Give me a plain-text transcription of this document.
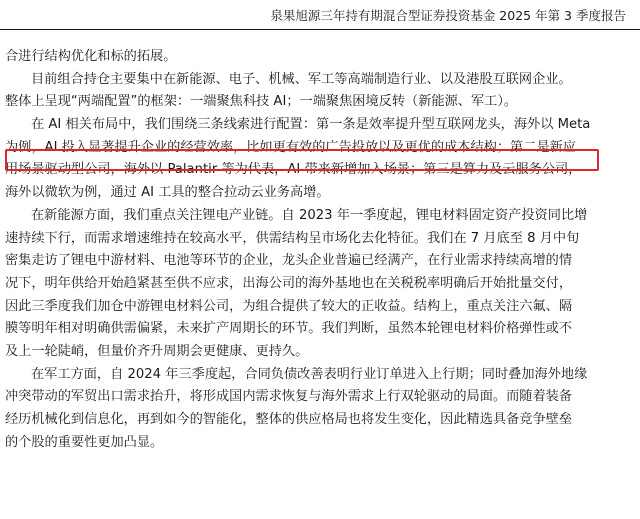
泉果旭源三年持有期混合型证券投资基金 2025 年第 3 季度报告
合进行结构优化和标的拓展。
目前组合持仓主要集中在新能源、电子、机械、军工等高端制造行业、以及港股互联网企业。
整体上呈现“两端配置”的框架：一端聚焦科技 AI；一端聚焦困境反转（新能源、军工）。
在 AI 相关布局中，我们围绕三条线索进行配置：第一条是效率提升型互联网龙头，海外以 Meta
为例，AI 投入显著提升企业的经营效率，比如更有效的广告投放以及更优的成本结构；第二是新应
用场景驱动型公司，海外以 Palantir 等为代表，AI 带来新增加入场景；第三是算力及云服务公司，
海外以微软为例，通过 AI 工具的整合拉动云业务高增。
在新能源方面，我们重点关注锂电产业链。自 2023 年一季度起，锂电材料固定资产投资同比增
速持续下行，而需求增速维持在较高水平，供需结构呈市场化去化特征。我们在 7 月底至 8 月中旬
密集走访了锂电中游材料、电池等环节的企业，龙头企业普遍已经满产，在行业需求持续高增的情
况下，明年供给开始趋紧甚至供不应求，出海公司的海外基地也在关税税率明确后开始批量交付，
因此三季度我们加仓中游锂电材料公司，为组合提供了较大的正收益。结构上，重点关注六氟、隔
膜等明年相对明确供需偏紧，未来扩产周期长的环节。我们判断，虽然本轮锂电材料价格弹性或不
及上一轮陡峭，但量价齐升周期会更健康、更持久。
在军工方面，自 2024 年三季度起，合同负债改善表明行业订单进入上行期；同时叠加海外地缘
冲突带动的军贸出口需求抬升，将形成国内需求恢复与海外需求上行双轮驱动的局面。而随着装备
经历机械化到信息化，再到如今的智能化，整体的供应格局也将发生变化，因此精选具备竞争壁垒
的个股的重要性更加凸显。
